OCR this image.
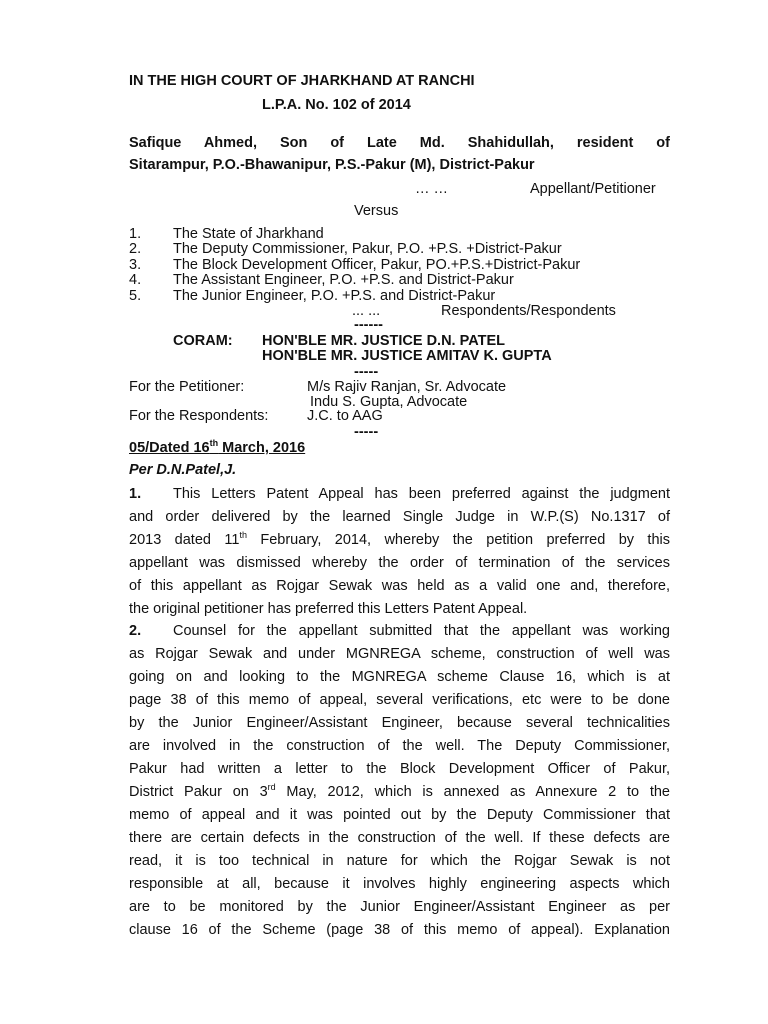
IN THE HIGH COURT OF JHARKHAND AT RANCHI
L.P.A. No. 102 of 2014
Safique Ahmed, Son of Late Md. Shahidullah, resident of
Sitarampur, P.O.-Bhawanipur, P.S.-Pakur (M), District-Pakur
… …	Appellant/Petitioner
Versus
1. The State of Jharkhand
2. The Deputy Commissioner, Pakur, P.O. +P.S. +District-Pakur
3. The Block Development Officer, Pakur, PO.+P.S.+District-Pakur
4. The Assistant Engineer, P.O. +P.S. and District-Pakur
5. The Junior Engineer, P.O. +P.S. and District-Pakur
... ...	Respondents/Respondents
------
CORAM: HON'BLE MR. JUSTICE D.N. PATEL
HON'BLE MR. JUSTICE AMITAV K. GUPTA
-----
For the Petitioner:	M/s Rajiv Ranjan, Sr. Advocate
Indu S. Gupta, Advocate
For the Respondents:	J.C. to AAG
-----
05/Dated 16th March, 2016
Per D.N.Patel,J.
1. This Letters Patent Appeal has been preferred against the judgment
and order delivered by the learned Single Judge in W.P.(S) No.1317 of
2013 dated 11th February, 2014, whereby the petition preferred by this
appellant was dismissed whereby the order of termination of the services
of this appellant as Rojgar Sewak was held as a valid one and, therefore,
the original petitioner has preferred this Letters Patent Appeal.
2. Counsel for the appellant submitted that the appellant was working
as Rojgar Sewak and under MGNREGA scheme, construction of well was
going on and looking to the MGNREGA scheme Clause 16, which is at
page 38 of this memo of appeal, several verifications, etc were to be done
by the Junior Engineer/Assistant Engineer, because several technicalities
are involved in the construction of the well. The Deputy Commissioner,
Pakur had written a letter to the Block Development Officer of Pakur,
District Pakur on 3rd May, 2012, which is annexed as Annexure 2 to the
memo of appeal and it was pointed out by the Deputy Commissioner that
there are certain defects in the construction of the well. If these defects are
read, it is too technical in nature for which the Rojgar Sewak is not
responsible at all, because it involves highly engineering aspects which
are to be monitored by the Junior Engineer/Assistant Engineer as per
clause 16 of the Scheme (page 38 of this memo of appeal). Explanation
